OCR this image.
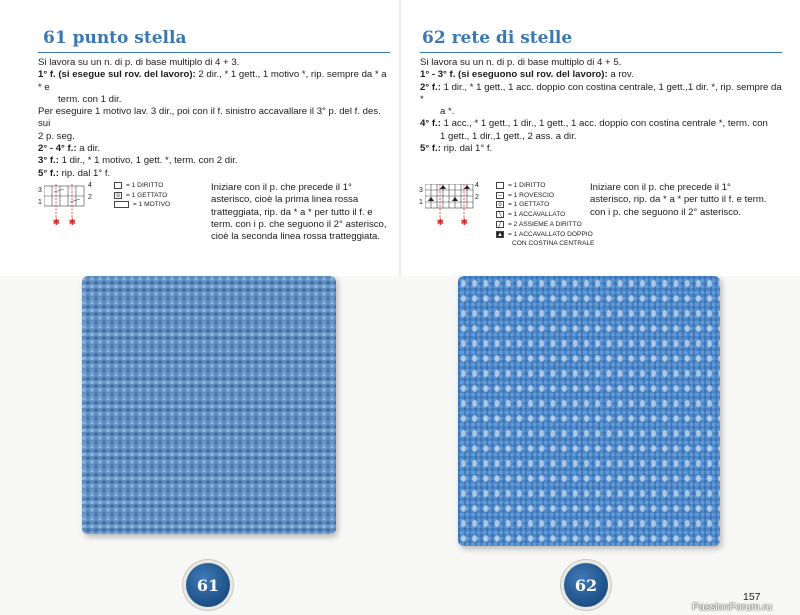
61 punto stella

Si lavora su un n. di p. di base multiplo di 4 + 3.

1° f. (si esegue sul rov. del lavoro): 2 dir., * 1 gett., 1 motivo *, rip. sempre da * a * e

term. con 1 dir.

Per eseguire 1 motivo lav. 3 dir., poi con il f. sinistro accavallare il 3° p. del f. des. sui

2 p. seg.

2° - 4° f.: a dir.

3° f.: 1 dir., * 1 motivo, 1 gett. *, term. con 2 dir.

5° f.: rip. dal 1° f.

3
1
4
2
✱ ✱
= 1 DIRITTO
o = 1 GETTATO
= 1 MOTIVO
Iniziare con il p. che precede il 1° asterisco, cioè la prima linea rossa tratteggiata, rip. da * a * per tutto il f. e term. con i p. che seguono il 2° asterisco, cioè la seconda linea rossa tratteggiata.
62 rete di stelle

Si lavora su un n. di p. di base multiplo di 4 + 5.

1° - 3° f. (si eseguono sul rov. del lavoro): a rov.

2° f.: 1 dir., * 1 gett., 1 acc. doppio con costina centrale, 1 gett.,1 dir. *, rip. sempre da *

a *.

4° f.: 1 acc., * 1 gett., 1 dir., 1 gett., 1 acc. doppio con costina centrale *, term. con

1 gett., 1 dir.,1 gett., 2 ass. a dir.

5° f.: rip. dal 1° f.

3
1
4
2
✱ ✱
= 1 DIRITTO
– = 1 ROVESCIO
o = 1 GETTATO
╲ = 1 ACCAVALLATO
╱ = 2 ASSIEME A DIRITTO
▲ = 1 ACCAVALLATO DOPPIO
CON COSTINA CENTRALE
Iniziare con il p. che precede il 1° asterisco, rip. da * a * per tutto il f. e term. con i p. che seguono il 2° asterisco.
61	62
157
PassionForum.ru
